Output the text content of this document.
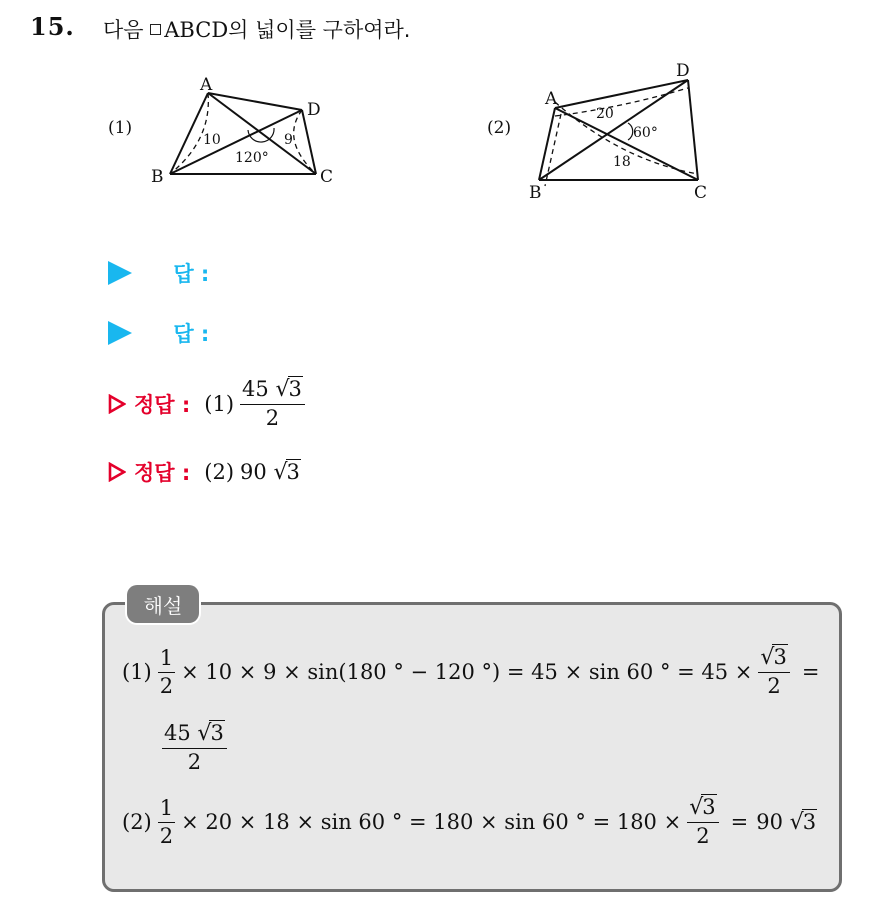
15. 다음 ABCD의 넓이를 구하여라.
(1)
A
B	C
D
10	9
120°
(2)
A
B	C
D
20
18
60°
답 :
답 :
정답 : $(1) \frac{45 √3}{2}$
정답 : (2) 90 √3
해설
$(1) \frac{1}{2} \times 10 \times 9 \times \sin(180$ ° − 120 °) = 45 × sin 60 ° = $45 \times \frac{√3}{2}$ =
$\frac{45 √3}{2}$
$(2) \frac{1}{2} \times 20 \times 18 \times \sin 60$ ° = 180 × sin 60 ° = $180 \times \frac{√3}{2} = 90$ √3
